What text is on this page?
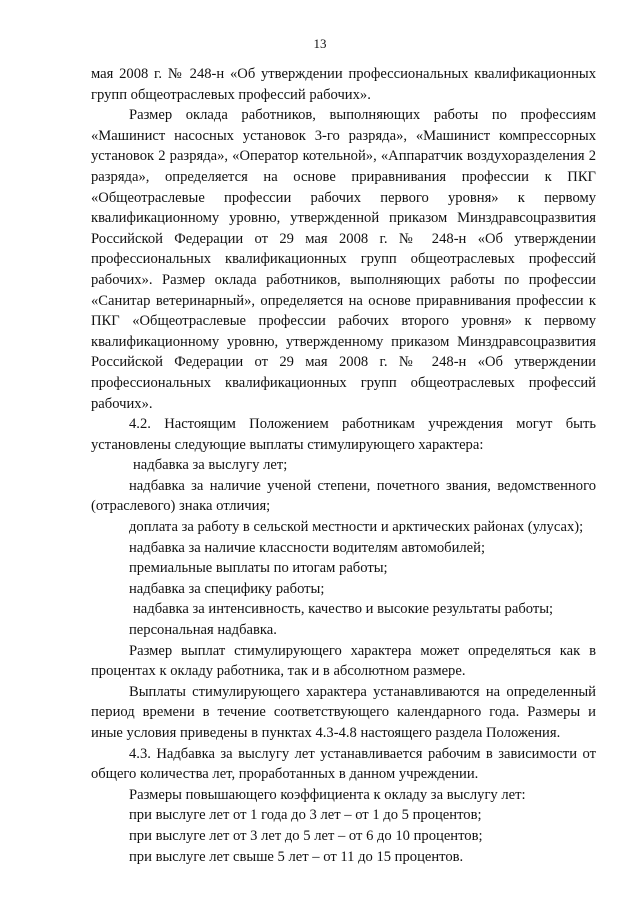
13

мая 2008 г. № 248-н «Об утверждении профессиональных квалификационных групп общеотраслевых профессий рабочих».

Размер оклада работников, выполняющих работы по профессиям «Машинист насосных установок 3-го разряда», «Машинист компрессорных установок 2 разряда», «Оператор котельной», «Аппаратчик воздухоразделения 2 разряда», определяется на основе приравнивания профессии к ПКГ «Общеотраслевые профессии рабочих первого уровня» к первому квалификационному уровню, утвержденной приказом Минздравсоцразвития Российской Федерации от 29 мая 2008 г. № 248-н «Об утверждении профессиональных квалификационных групп общеотраслевых профессий рабочих». Размер оклада работников, выполняющих работы по профессии «Санитар ветеринарный», определяется на основе приравнивания профессии к ПКГ «Общеотраслевые профессии рабочих второго уровня» к первому квалификационному уровню, утвержденному приказом Минздравсоцразвития Российской Федерации от 29 мая 2008 г. № 248-н «Об утверждении профессиональных квалификационных групп общеотраслевых профессий рабочих».

4.2. Настоящим Положением работникам учреждения могут быть установлены следующие выплаты стимулирующего характера:

надбавка за выслугу лет;

надбавка за наличие ученой степени, почетного звания, ведомственного (отраслевого) знака отличия;

доплата за работу в сельской местности и арктических районах (улусах);

надбавка за наличие классности водителям автомобилей;

премиальные выплаты по итогам работы;

надбавка за специфику работы;

надбавка за интенсивность, качество и высокие результаты работы;

персональная надбавка.

Размер выплат стимулирующего характера может определяться как в процентах к окладу работника, так и в абсолютном размере.

Выплаты стимулирующего характера устанавливаются на определенный период времени в течение соответствующего календарного года. Размеры и иные условия приведены в пунктах 4.3-4.8 настоящего раздела Положения.

4.3. Надбавка за выслугу лет устанавливается рабочим в зависимости от общего количества лет, проработанных в данном учреждении.

Размеры повышающего коэффициента к окладу за выслугу лет:

при выслуге лет от 1 года до 3 лет – от 1 до 5 процентов;

при выслуге лет от 3 лет до 5 лет – от 6 до 10 процентов;

при выслуге лет свыше 5 лет – от 11 до 15 процентов.
